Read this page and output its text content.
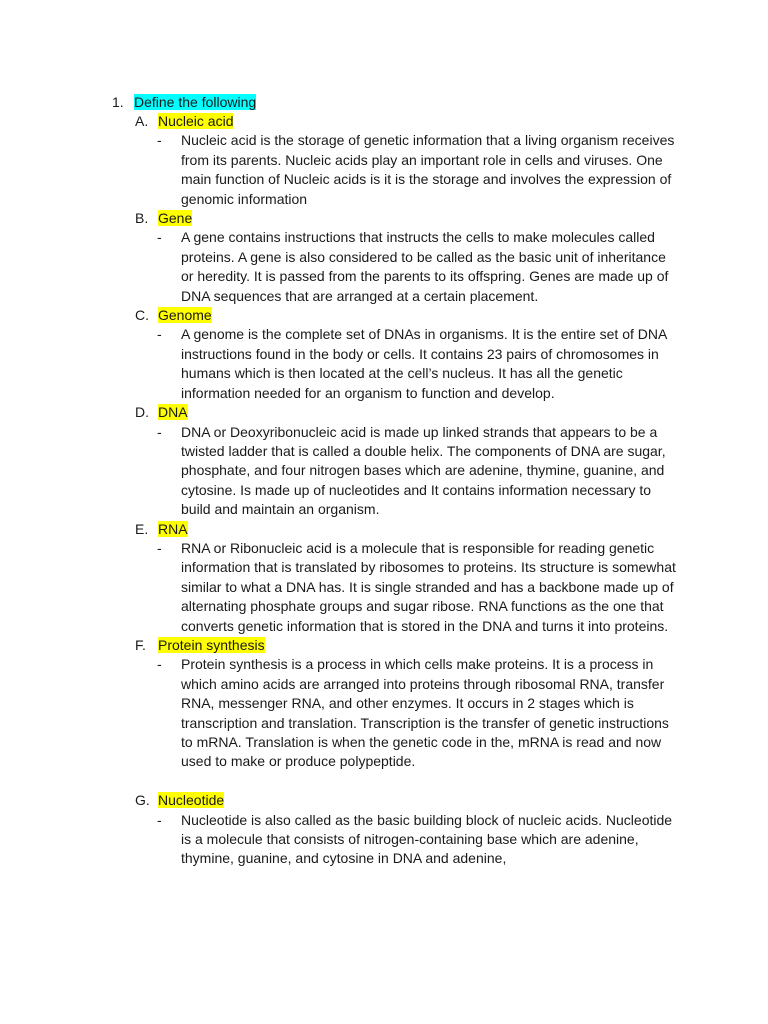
1. Define the following
A. Nucleic acid
- Nucleic acid is the storage of genetic information that a living organism receives from its parents. Nucleic acids play an important role in cells and viruses. One main function of Nucleic acids is it is the storage and involves the expression of genomic information
B. Gene
- A gene contains instructions that instructs the cells to make molecules called proteins. A gene is also considered to be called as the basic unit of inheritance or heredity. It is passed from the parents to its offspring. Genes are made up of DNA sequences that are arranged at a certain placement.
C. Genome
- A genome is the complete set of DNAs in organisms. It is the entire set of DNA instructions found in the body or cells. It contains 23 pairs of chromosomes in humans which is then located at the cell’s nucleus. It has all the genetic information needed for an organism to function and develop.
D. DNA
- DNA or Deoxyribonucleic acid is made up linked strands that appears to be a twisted ladder that is called a double helix. The components of DNA are sugar, phosphate, and four nitrogen bases which are adenine, thymine, guanine, and cytosine. Is made up of nucleotides and It contains information necessary to build and maintain an organism.
E. RNA
- RNA or Ribonucleic acid is a molecule that is responsible for reading genetic information that is translated by ribosomes to proteins. Its structure is somewhat similar to what a DNA has. It is single stranded and has a backbone made up of alternating phosphate groups and sugar ribose. RNA functions as the one that converts genetic information that is stored in the DNA and turns it into proteins.
F. Protein synthesis
- Protein synthesis is a process in which cells make proteins. It is a process in which amino acids are arranged into proteins through ribosomal RNA, transfer RNA, messenger RNA, and other enzymes. It occurs in 2 stages which is transcription and translation. Transcription is the transfer of genetic instructions to mRNA. Translation is when the genetic code in the, mRNA is read and now used to make or produce polypeptide.
G. Nucleotide
- Nucleotide is also called as the basic building block of nucleic acids. Nucleotide is a molecule that consists of nitrogen-containing base which are adenine, thymine, guanine, and cytosine in DNA and adenine,
